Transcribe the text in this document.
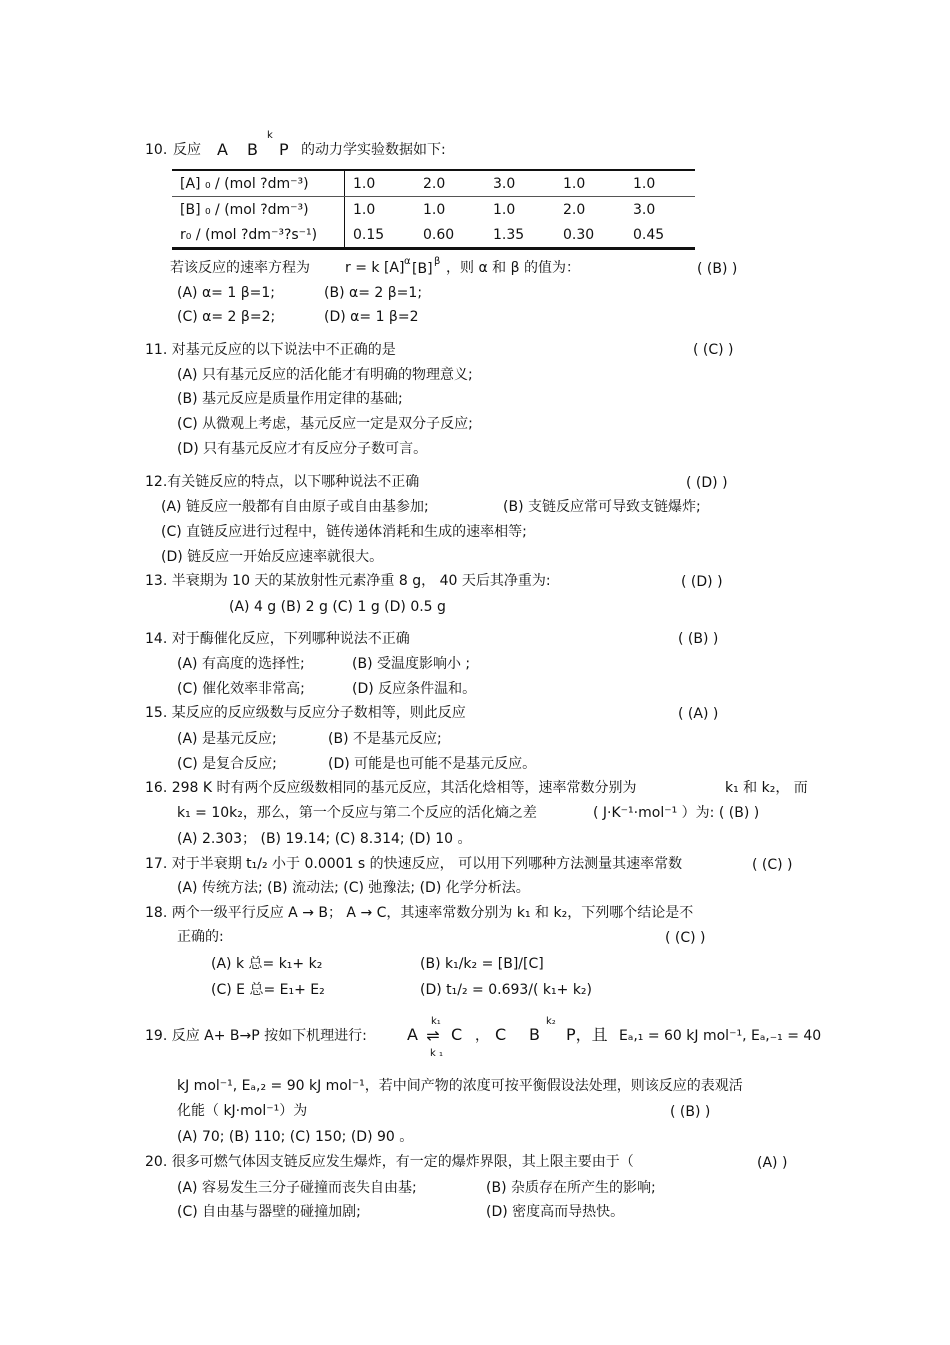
10. 反应 A B
k
P 的动力学实验数据如下:
[A] ₀ / (mol ?dm⁻³)	1.0	2.0	3.0	1.0	1.0
[B] ₀ / (mol ?dm⁻³)	1.0	1.0	1.0	2.0	3.0
r₀ / (mol ?dm⁻³?s⁻¹)	0.15	0.60	1.35	0.30	0.45
若该反应的速率方程为	r = k [A] α [B] β ，则 α 和 β 的值为：	( (B) )
(A) α= 1 β=1;	(B) α= 2 β=1;
(C) α= 2 β=2;	(D) α= 1 β=2
11. 对基元反应的以下说法中不正确的是	( (C) )
(A) 只有基元反应的活化能才有明确的物理意义;
(B) 基元反应是质量作用定律的基础;
(C) 从微观上考虑，基元反应一定是双分子反应;
(D) 只有基元反应才有反应分子数可言。
12.有关链反应的特点，以下哪种说法不正确	( (D) )
(A) 链反应一般都有自由原子或自由基参加;	(B) 支链反应常可导致支链爆炸;
(C) 直链反应进行过程中，链传递体消耗和生成的速率相等;
(D) 链反应一开始反应速率就很大。
13. 半衰期为 10 天的某放射性元素净重 8 g， 40 天后其净重为:	( (D) )
(A) 4 g (B) 2 g (C) 1 g (D) 0.5 g
14. 对于酶催化反应，下列哪种说法不正确	( (B) )
(A) 有高度的选择性;	(B) 受温度影响小 ;
(C) 催化效率非常高;	(D) 反应条件温和。
15. 某反应的反应级数与反应分子数相等，则此反应	( (A) )
(A) 是基元反应;	(B) 不是基元反应;
(C) 是复合反应;	(D) 可能是也可能不是基元反应。
16. 298 K 时有两个反应级数相同的基元反应，其活化焓相等，速率常数分别为	k₁ 和 k₂， 而
k₁ = 10k₂，那么，第一个反应与第二个反应的活化熵之差	( J·K⁻¹·mol⁻¹ ）为: ( (B) )
(A) 2.303； (B) 19.14; (C) 8.314; (D) 10 。
17. 对于半衰期 t₁/₂ 小于 0.0001 s 的快速反应， 可以用下列哪种方法测量其速率常数	( (C) )
(A) 传统方法; (B) 流动法; (C) 弛豫法; (D) 化学分析法。
18. 两个一级平行反应 A → B； A → C，其速率常数分别为 k₁ 和 k₂，下列哪个结论是不
正确的:	( (C) )
(A) k 总= k₁+ k₂	(B) k₁/k₂ = [B]/[C]
(C) E 总= E₁+ E₂	(D) t₁/₂ = 0.693/( k₁+ k₂)
19. 反应 A+ B→P 按如下机理进行:	A
k₁
⇌
k ₁
C ， C B
k₂
P，且 Eₐ,₁ = 60 kJ mol⁻¹, Eₐ,₋₁ = 40
kJ mol⁻¹, Eₐ,₂ = 90 kJ mol⁻¹，若中间产物的浓度可按平衡假设法处理，则该反应的表观活
化能（ kJ·mol⁻¹）为	( (B) )
(A) 70; (B) 110; (C) 150; (D) 90 。
20. 很多可燃气体因支链反应发生爆炸，有一定的爆炸界限，其上限主要由于（	(A) )
(A) 容易发生三分子碰撞而丧失自由基;	(B) 杂质存在所产生的影响;
(C) 自由基与器壁的碰撞加剧;	(D) 密度高而导热快。
